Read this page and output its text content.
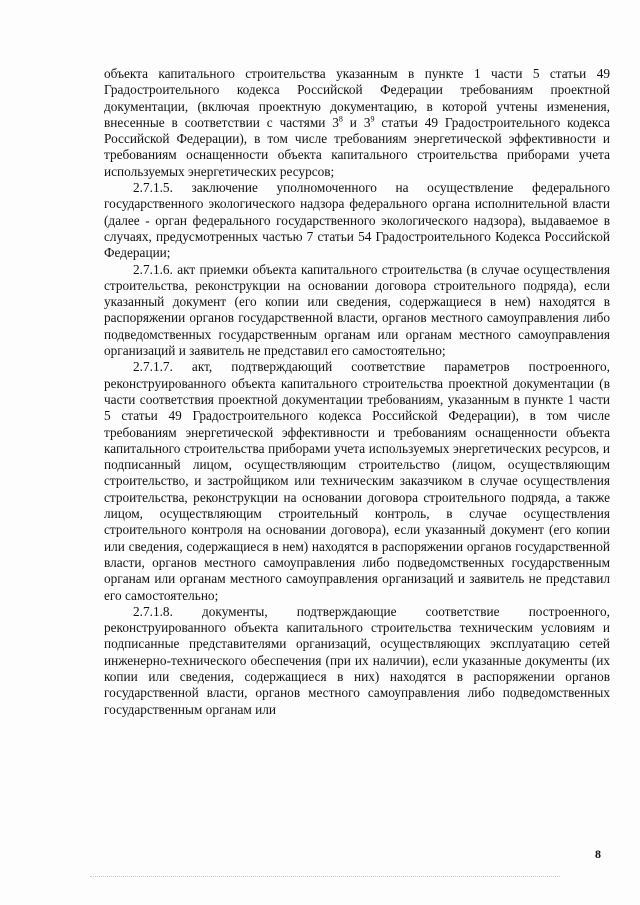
объекта капитального строительства указанным в пункте 1 части 5 статьи 49 Градостроительного кодекса Российской Федерации требованиям проектной документации, (включая проектную документацию, в которой учтены изменения, внесенные в соответствии с частями $3^8$ и $3^9$ статьи 49 Градостроительного кодекса Российской Федерации), в том числе требованиям энергетической эффективности и требованиям оснащенности объекта капитального строительства приборами учета используемых энергетических ресурсов;

2.7.1.5. заключение уполномоченного на осуществление федерального государственного экологического надзора федерального органа исполнительной власти (далее - орган федерального государственного экологического надзора), выдаваемое в случаях, предусмотренных частью 7 статьи 54 Градостроительного Кодекса Российской Федерации;

2.7.1.6. акт приемки объекта капитального строительства (в случае осуществления строительства, реконструкции на основании договора строительного подряда), если указанный документ (его копии или сведения, содержащиеся в нем) находятся в распоряжении органов государственной власти, органов местного самоуправления либо подведомственных государственным органам или органам местного самоуправления организаций и заявитель не представил его самостоятельно;

2.7.1.7. акт, подтверждающий соответствие параметров построенного, реконструированного объекта капитального строительства проектной документации (в части соответствия проектной документации требованиям, указанным в пункте 1 части 5 статьи 49 Градостроительного кодекса Российской Федерации), в том числе требованиям энергетической эффективности и требованиям оснащенности объекта капитального строительства приборами учета используемых энергетических ресурсов, и подписанный лицом, осуществляющим строительство (лицом, осуществляющим строительство, и застройщиком или техническим заказчиком в случае осуществления строительства, реконструкции на основании договора строительного подряда, а также лицом, осуществляющим строительный контроль, в случае осуществления строительного контроля на основании договора), если указанный документ (его копии или сведения, содержащиеся в нем) находятся в распоряжении органов государственной власти, органов местного самоуправления либо подведомственных государственным органам или органам местного самоуправления организаций и заявитель не представил его самостоятельно;

2.7.1.8. документы, подтверждающие соответствие построенного, реконструированного объекта капитального строительства техническим условиям и подписанные представителями организаций, осуществляющих эксплуатацию сетей инженерно-технического обеспечения (при их наличии), если указанные документы (их копии или сведения, содержащиеся в них) находятся в распоряжении органов государственной власти, органов местного самоуправления либо подведомственных государственным органам или

8
